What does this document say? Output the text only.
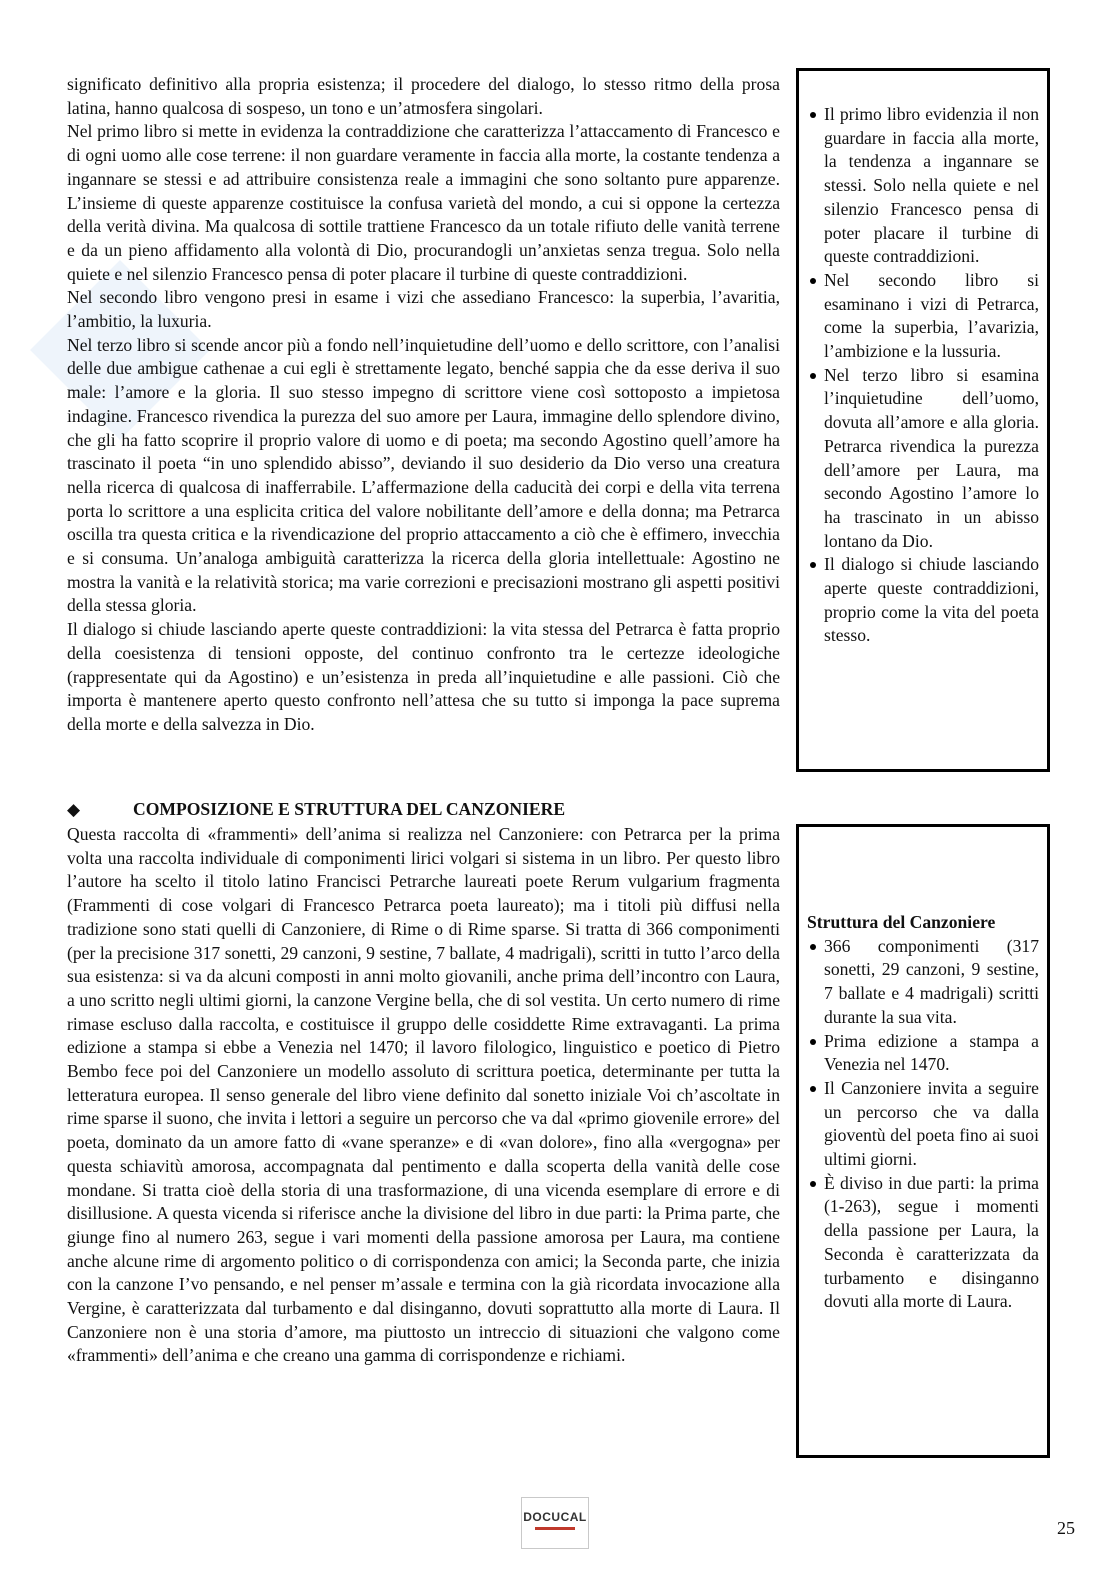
significato definitivo alla propria esistenza; il procedere del dialogo, lo stesso ritmo della prosa latina, hanno qualcosa di sospeso, un tono e un’atmosfera singolari.

Nel primo libro si mette in evidenza la contraddizione che caratterizza l’attaccamento di Francesco e di ogni uomo alle cose terrene: il non guardare veramente in faccia alla morte, la costante tendenza a ingannare se stessi e ad attribuire consistenza reale a immagini che sono soltanto pure apparenze. L’insieme di queste apparenze costituisce la confusa varietà del mondo, a cui si oppone la certezza della verità divina. Ma qualcosa di sottile trattiene Francesco da un totale rifiuto delle vanità terrene e da un pieno affidamento alla volontà di Dio, procurandogli un’anxietas senza tregua. Solo nella quiete e nel silenzio Francesco pensa di poter placare il turbine di queste contraddizioni.

Nel secondo libro vengono presi in esame i vizi che assediano Francesco: la superbia, l’avaritia, l’ambitio, la luxuria.

Nel terzo libro si scende ancor più a fondo nell’inquietudine dell’uomo e dello scrittore, con l’analisi delle due ambigue cathenae a cui egli è strettamente legato, benché sappia che da esse deriva il suo male: l’amore e la gloria. Il suo stesso impegno di scrittore viene così sottoposto a impietosa indagine. Francesco rivendica la purezza del suo amore per Laura, immagine dello splendore divino, che gli ha fatto scoprire il proprio valore di uomo e di poeta; ma secondo Agostino quell’amore ha trascinato il poeta “in uno splendido abisso”, deviando il suo desiderio da Dio verso una creatura nella ricerca di qualcosa di inafferrabile. L’affermazione della caducità dei corpi e della vita terrena porta lo scrittore a una esplicita critica del valore nobilitante dell’amore e della donna; ma Petrarca oscilla tra questa critica e la rivendicazione del proprio attaccamento a ciò che è effimero, invecchia e si consuma. Un’analoga ambiguità caratterizza la ricerca della gloria intellettuale: Agostino ne mostra la vanità e la relatività storica; ma varie correzioni e precisazioni mostrano gli aspetti positivi della stessa gloria.

Il dialogo si chiude lasciando aperte queste contraddizioni: la vita stessa del Petrarca è fatta proprio della coesistenza di tensioni opposte, del continuo confronto tra le certezze ideologiche (rappresentate qui da Agostino) e un’esistenza in preda all’inquietudine e alle passioni. Ciò che importa è mantenere aperto questo confronto nell’attesa che su tutto si imponga la pace suprema della morte e della salvezza in Dio.

◆	COMPOSIZIONE E STRUTTURA DEL CANZONIERE

Questa raccolta di «frammenti» dell’anima si realizza nel Canzoniere: con Petrarca per la prima volta una raccolta individuale di componimenti lirici volgari si sistema in un libro. Per questo libro l’autore ha scelto il titolo latino Francisci Petrarche laureati poete Rerum vulgarium fragmenta (Frammenti di cose volgari di Francesco Petrarca poeta laureato); ma i titoli più diffusi nella tradizione sono stati quelli di Canzoniere, di Rime o di Rime sparse. Si tratta di 366 componimenti (per la precisione 317 sonetti, 29 canzoni, 9 sestine, 7 ballate, 4 madrigali), scritti in tutto l’arco della sua esistenza: si va da alcuni composti in anni molto giovanili, anche prima dell’incontro con Laura, a uno scritto negli ultimi giorni, la canzone Vergine bella, che di sol vestita. Un certo numero di rime rimase escluso dalla raccolta, e costituisce il gruppo delle cosiddette Rime extravaganti. La prima edizione a stampa si ebbe a Venezia nel 1470; il lavoro filologico, linguistico e poetico di Pietro Bembo fece poi del Canzoniere un modello assoluto di scrittura poetica, determinante per tutta la letteratura europea. Il senso generale del libro viene definito dal sonetto iniziale Voi ch’ascoltate in rime sparse il suono, che invita i lettori a seguire un percorso che va dal «primo giovenile errore» del poeta, dominato da un amore fatto di «vane speranze» e di «van dolore», fino alla «vergogna» per questa schiavitù amorosa, accompagnata dal pentimento e dalla scoperta della vanità delle cose mondane. Si tratta cioè della storia di una trasformazione, di una vicenda esemplare di errore e di disillusione. A questa vicenda si riferisce anche la divisione del libro in due parti: la Prima parte, che giunge fino al numero 263, segue i vari momenti della passione amorosa per Laura, ma contiene anche alcune rime di argomento politico o di corrispondenza con amici; la Seconda parte, che inizia con la canzone I’vo pensando, e nel penser m’assale e termina con la già ricordata invocazione alla Vergine, è caratterizzata dal turbamento e dal disinganno, dovuti soprattutto alla morte di Laura. Il Canzoniere non è una storia d’amore, ma piuttosto un intreccio di situazioni che valgono come «frammenti» dell’anima e che creano una gamma di corrispondenze e richiami.

Il primo libro evidenzia il non guardare in faccia alla morte, la tendenza a ingannare se stessi. Solo nella quiete e nel silenzio Francesco pensa di poter placare il turbine di queste contraddizioni.
Nel secondo libro si esaminano i vizi di Petrarca, come la superbia, l’avarizia, l’ambizione e la lussuria.
Nel terzo libro si esamina l’inquietudine dell’uomo, dovuta all’amore e alla gloria. Petrarca rivendica la purezza dell’amore per Laura, ma secondo Agostino l’amore lo ha trascinato in un abisso lontano da Dio.
Il dialogo si chiude lasciando aperte queste contraddizioni, proprio come la vita del poeta stesso.
Struttura del Canzoniere
366 componimenti (317 sonetti, 29 canzoni, 9 sestine, 7 ballate e 4 madrigali) scritti durante la sua vita.
Prima edizione a stampa a Venezia nel 1470.
Il Canzoniere invita a seguire un percorso che va dalla gioventù del poeta fino ai suoi ultimi giorni.
È diviso in due parti: la prima (1-263), segue i momenti della passione per Laura, la Seconda è caratterizzata da turbamento e disinganno dovuti alla morte di Laura.
DOCUCAL
25
